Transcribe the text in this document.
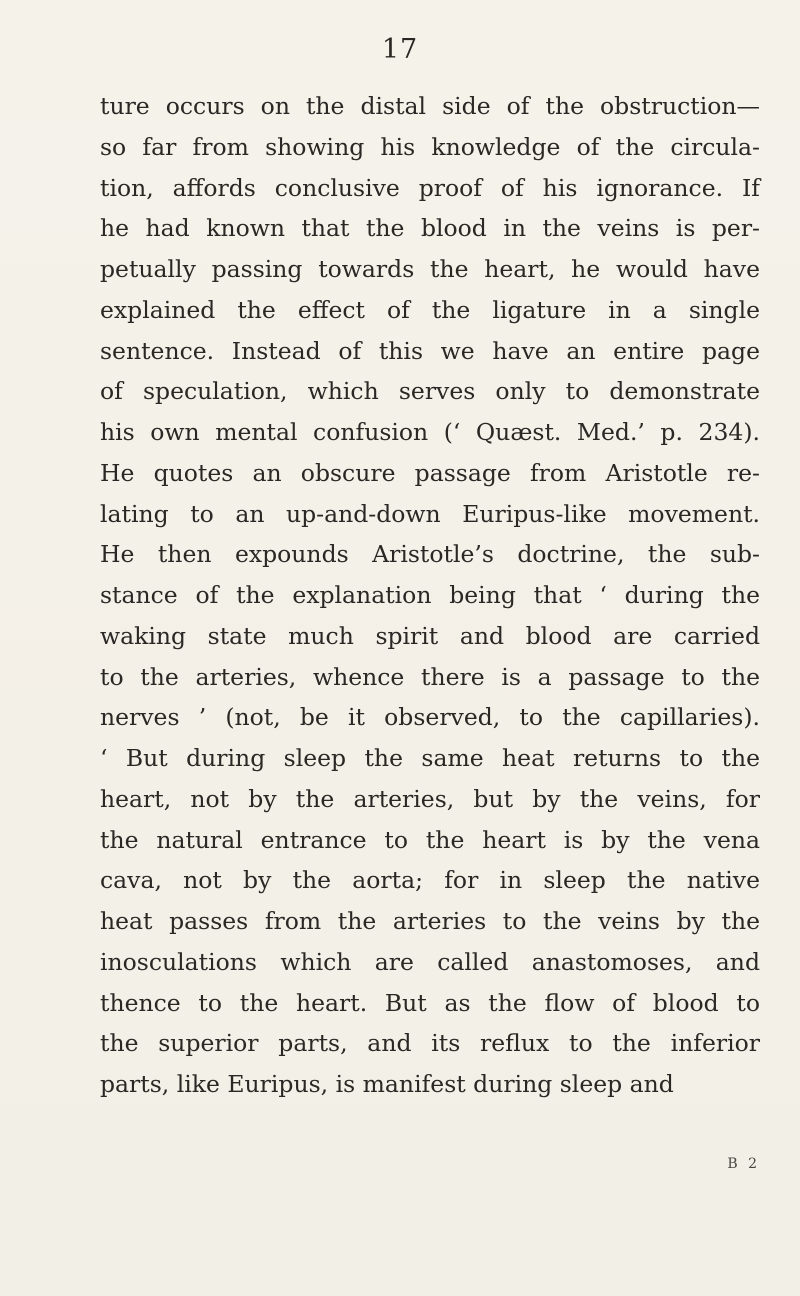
17
ture occurs on the distal side of the obstruction—
so far from showing his knowledge of the circula-
tion, affords conclusive proof of his ignorance. If
he had known that the blood in the veins is per-
petually passing towards the heart, he would have
explained the effect of the ligature in a single
sentence. Instead of this we have an entire page
of speculation, which serves only to demonstrate
his own mental confusion (‘ Quæst. Med.’ p. 234).
He quotes an obscure passage from Aristotle re-
lating to an up-and-down Euripus-like movement.
He then expounds Aristotle’s doctrine, the sub-
stance of the explanation being that ‘ during the
waking state much spirit and blood are carried
to the arteries, whence there is a passage to the
nerves ’ (not, be it observed, to the capillaries).
‘ But during sleep the same heat returns to the
heart, not by the arteries, but by the veins, for
the natural entrance to the heart is by the vena
cava, not by the aorta; for in sleep the native
heat passes from the arteries to the veins by the
inosculations which are called anastomoses, and
thence to the heart. But as the flow of blood to
the superior parts, and its reflux to the inferior
parts, like Euripus, is manifest during sleep and
B 2
